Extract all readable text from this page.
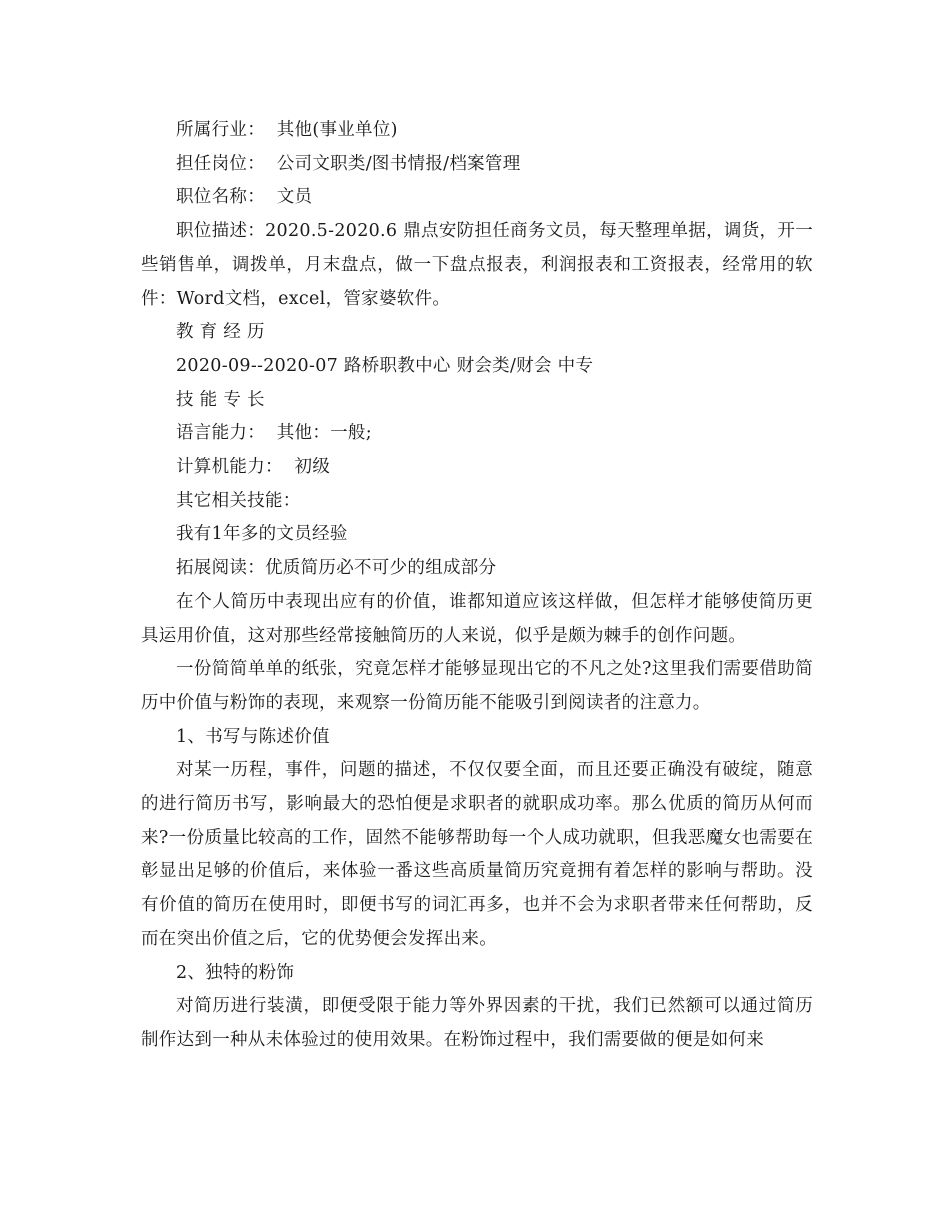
所属行业：  其他(事业单位)

担任岗位：  公司文职类/图书情报/档案管理

职位名称：  文员

职位描述：2020.5-2020.6 鼎点安防担任商务文员，每天整理单据，调货，开一些销售单，调拨单，月末盘点，做一下盘点报表，利润报表和工资报表，经常用的软件：Word文档，excel，管家婆软件。

教 育 经 历

2020-09--2020-07 路桥职教中心 财会类/财会 中专

技 能 专 长

语言能力：  其他：一般;

计算机能力：  初级

其它相关技能：

我有1年多的文员经验

拓展阅读：优质简历必不可少的组成部分

在个人简历中表现出应有的价值，谁都知道应该这样做，但怎样才能够使简历更具运用价值，这对那些经常接触简历的人来说，似乎是颇为棘手的创作问题。

一份简简单单的纸张，究竟怎样才能够显现出它的不凡之处?这里我们需要借助简历中价值与粉饰的表现，来观察一份简历能不能吸引到阅读者的注意力。

1、书写与陈述价值

对某一历程，事件，问题的描述，不仅仅要全面，而且还要正确没有破绽，随意的进行简历书写，影响最大的恐怕便是求职者的就职成功率。那么优质的简历从何而来?一份质量比较高的工作，固然不能够帮助每一个人成功就职，但我恶魔女也需要在彰显出足够的价值后，来体验一番这些高质量简历究竟拥有着怎样的影响与帮助。没有价值的简历在使用时，即便书写的词汇再多，也并不会为求职者带来任何帮助，反而在突出价值之后，它的优势便会发挥出来。

2、独特的粉饰

对简历进行装潢，即便受限于能力等外界因素的干扰，我们已然额可以通过简历制作达到一种从未体验过的使用效果。在粉饰过程中，我们需要做的便是如何来
